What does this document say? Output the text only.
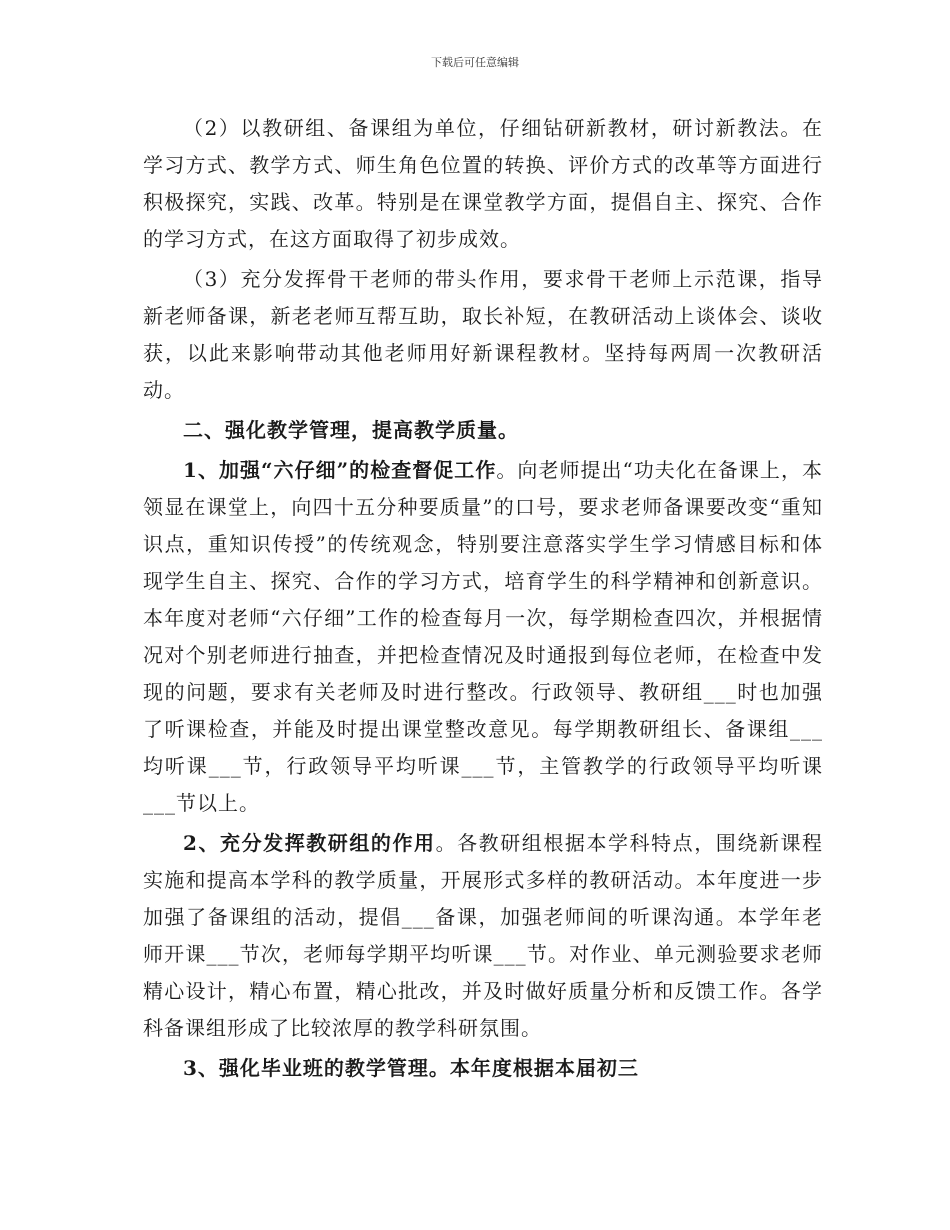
下载后可任意编辑

（2）以教研组、备课组为单位，仔细钻研新教材，研讨新教法。在学习方式、教学方式、师生角色位置的转换、评价方式的改革等方面进行积极探究，实践、改革。特别是在课堂教学方面，提倡自主、探究、合作的学习方式，在这方面取得了初步成效。

（3）充分发挥骨干老师的带头作用，要求骨干老师上示范课，指导新老师备课，新老老师互帮互助，取长补短，在教研活动上谈体会、谈收获，以此来影响带动其他老师用好新课程教材。坚持每两周一次教研活动。

二、强化教学管理，提高教学质量。

1、加强“六仔细”的检查督促工作。向老师提出“功夫化在备课上，本领显在课堂上，向四十五分种要质量”的口号，要求老师备课要改变“重知识点，重知识传授”的传统观念，特别要注意落实学生学习情感目标和体现学生自主、探究、合作的学习方式，培育学生的科学精神和创新意识。本年度对老师“六仔细”工作的检查每月一次，每学期检查四次，并根据情况对个别老师进行抽查，并把检查情况及时通报到每位老师，在检查中发现的问题，要求有关老师及时进行整改。行政领导、教研组___时也加强了听课检查，并能及时提出课堂整改意见。每学期教研组长、备课组___均听课___节，行政领导平均听课___节，主管教学的行政领导平均听课___节以上。

2、充分发挥教研组的作用。各教研组根据本学科特点，围绕新课程实施和提高本学科的教学质量，开展形式多样的教研活动。本年度进一步加强了备课组的活动，提倡___备课，加强老师间的听课沟通。本学年老师开课___节次，老师每学期平均听课___节。对作业、单元测验要求老师精心设计，精心布置，精心批改，并及时做好质量分析和反馈工作。各学科备课组形成了比较浓厚的教学科研氛围。

3、强化毕业班的教学管理。本年度根据本届初三
